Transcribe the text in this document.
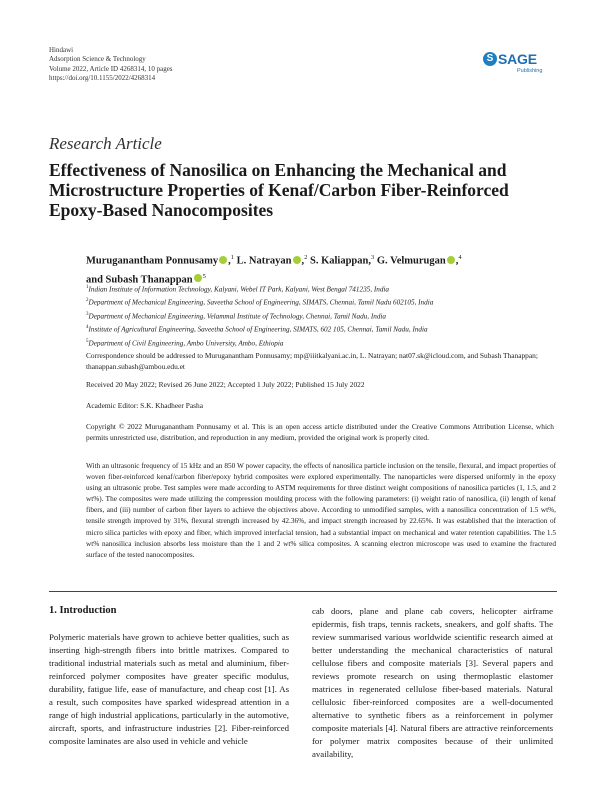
Hindawi
Adsorption Science & Technology
Volume 2022, Article ID 4268314, 10 pages
https://doi.org/10.1155/2022/4268314
S SAGE
Publishing
Research Article
Effectiveness of Nanosilica on Enhancing the Mechanical and Microstructure Properties of Kenaf/Carbon Fiber-Reinforced Epoxy-Based Nanocomposites
Muruganantham Ponnusamy ,$^1$ L. Natrayan ,$^2$ S. Kaliappan,$^3$ G. Velmurugan ,$^4$
and Subash Thanappan $^5$
$^1$Indian Institute of Information Technology, Kalyani, Webel IT Park, Kalyani, West Bengal 741235, India
$^2$Department of Mechanical Engineering, Saveetha School of Engineering, SIMATS, Chennai, Tamil Nadu 602105, India
$^3$Department of Mechanical Engineering, Velammal Institute of Technology, Chennai, Tamil Nadu, India
$^4$Institute of Agricultural Engineering, Saveetha School of Engineering, SIMATS, 602 105, Chennai, Tamil Nadu, India
$^5$Department of Civil Engineering, Ambo University, Ambo, Ethiopia
Correspondence should be addressed to Muruganantham Ponnusamy; mp@iiitkalyani.ac.in, L. Natrayan; nat07.sk@icloud.com, and Subash Thanappan; thanappan.subash@ambou.edu.et
Received 20 May 2022; Revised 26 June 2022; Accepted 1 July 2022; Published 15 July 2022
Academic Editor: S.K. Khadheer Pasha
Copyright © 2022 Muruganantham Ponnusamy et al. This is an open access article distributed under the Creative Commons Attribution License, which permits unrestricted use, distribution, and reproduction in any medium, provided the original work is properly cited.
With an ultrasonic frequency of 15 kHz and an 850 W power capacity, the effects of nanosilica particle inclusion on the tensile, flexural, and impact properties of woven fiber-reinforced kenaf/carbon fiber/epoxy hybrid composites were explored experimentally. The nanoparticles were dispersed uniformly in the epoxy using an ultrasonic probe. Test samples were made according to ASTM requirements for three distinct weight compositions of nanosilica particles (1, 1.5, and 2 wt%). The composites were made utilizing the compression moulding process with the following parameters: (i) weight ratio of nanosilica, (ii) length of kenaf fibers, and (iii) number of carbon fiber layers to achieve the objectives above. According to unmodified samples, with a nanosilica concentration of 1.5 wt%, tensile strength improved by 31%, flexural strength increased by 42.36%, and impact strength increased by 22.65%. It was established that the interaction of micro silica particles with epoxy and fiber, which improved interfacial tension, had a substantial impact on mechanical and water retention capabilities. The 1.5 wt% nanosilica inclusion absorbs less moisture than the 1 and 2 wt% silica composites. A scanning electron microscope was used to examine the fractured surface of the tested nanocomposites.
1. Introduction
Polymeric materials have grown to achieve better qualities, such as inserting high-strength fibers into brittle matrixes. Compared to traditional industrial materials such as metal and aluminium, fiber-reinforced polymer composites have greater specific modulus, durability, fatigue life, ease of manufacture, and cheap cost [1]. As a result, such composites have sparked widespread attention in a range of high industrial applications, particularly in the automotive, aircraft, sports, and infrastructure industries [2]. Fiber-reinforced composite laminates are also used in vehicle and vehicle
cab doors, plane and plane cab covers, helicopter airframe epidermis, fish traps, tennis rackets, sneakers, and golf shafts. The review summarised various worldwide scientific research aimed at better understanding the mechanical characteristics of natural cellulose fibers and composite materials [3]. Several papers and reviews promote research on using thermoplastic elastomer matrices in regenerated cellulose fiber-based materials. Natural cellulosic fiber-reinforced composites are a well-documented alternative to synthetic fibers as a reinforcement in polymer composite materials [4]. Natural fibers are attractive reinforcements for polymer matrix composites because of their unlimited availability,
